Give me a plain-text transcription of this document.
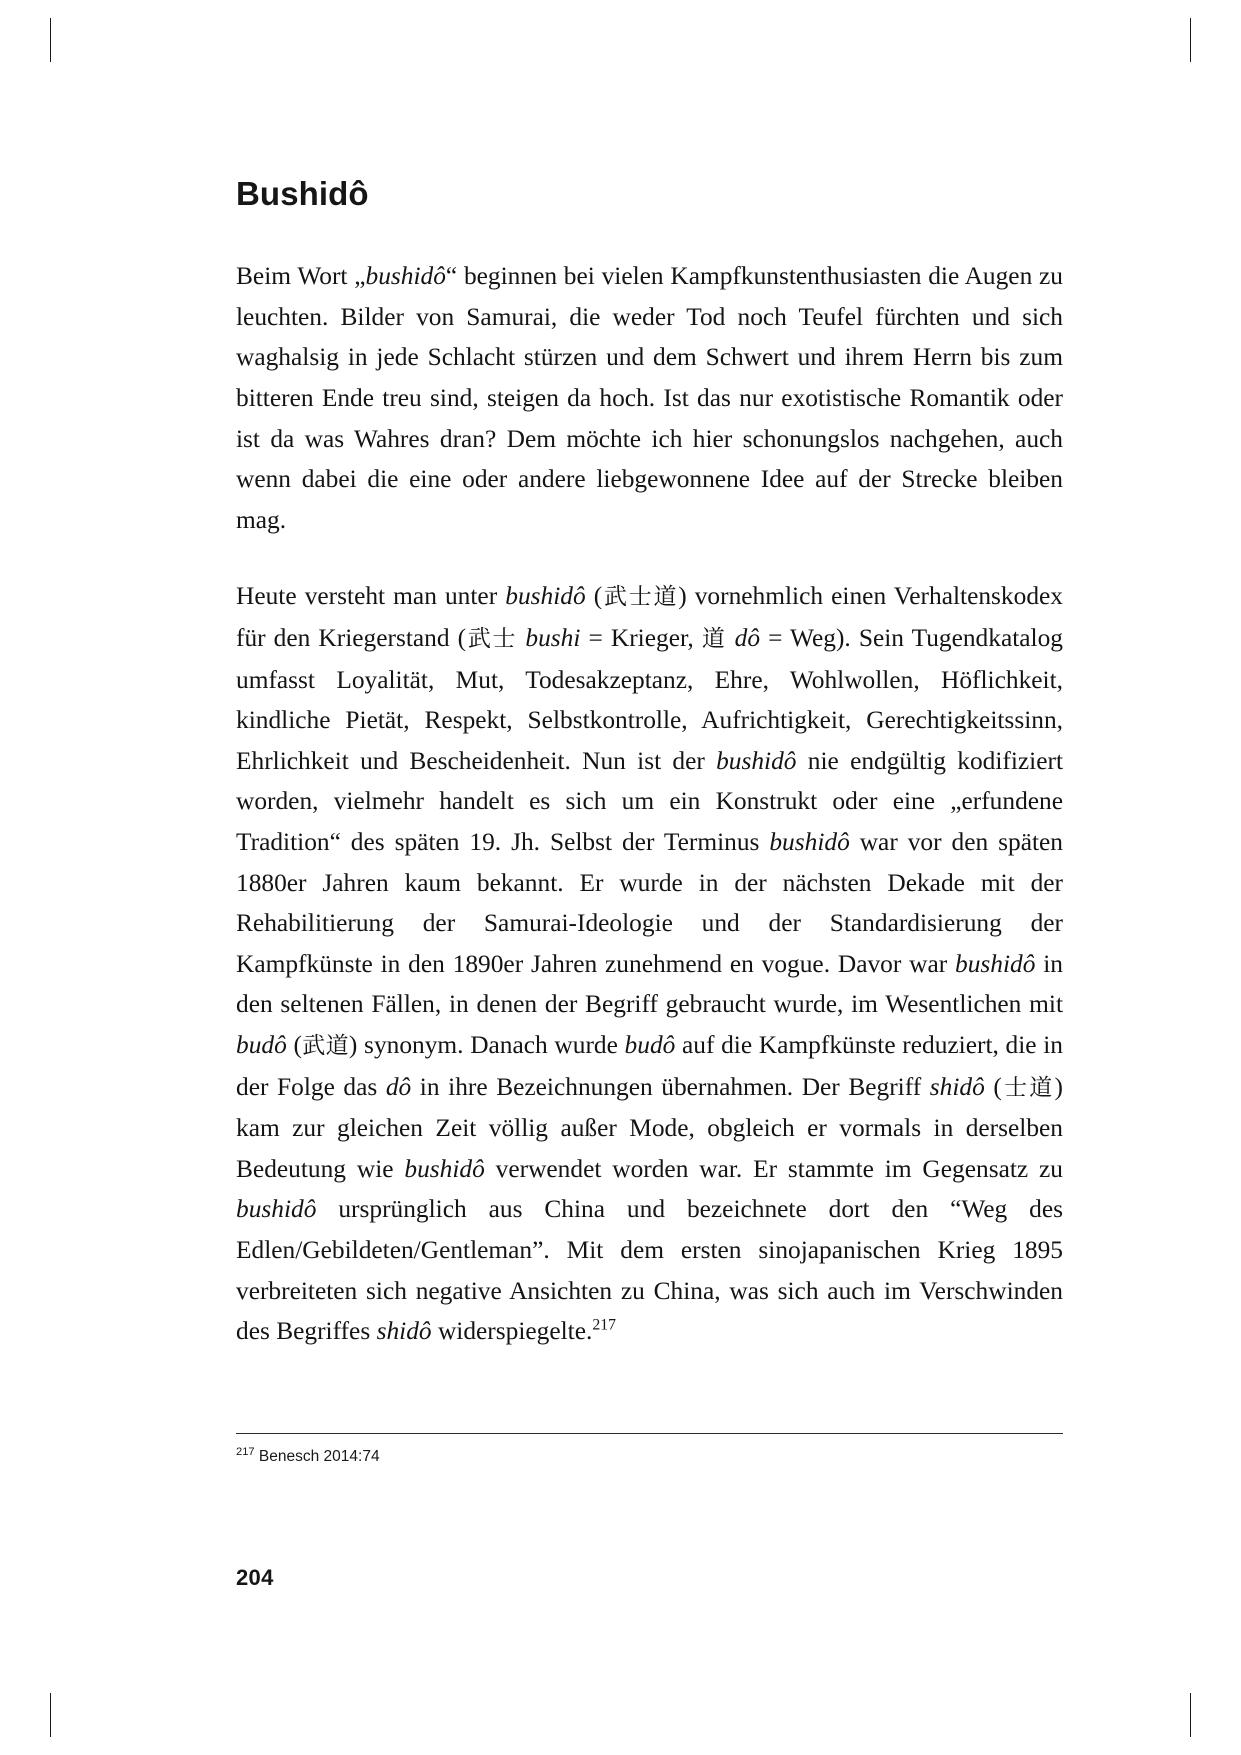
Bushidô

Beim Wort „bushidô“ beginnen bei vielen Kampfkunstenthusiasten die Augen zu leuchten. Bilder von Samurai, die weder Tod noch Teufel fürchten und sich waghalsig in jede Schlacht stürzen und dem Schwert und ihrem Herrn bis zum bitteren Ende treu sind, steigen da hoch. Ist das nur exotistische Romantik oder ist da was Wahres dran? Dem möchte ich hier schonungslos nachgehen, auch wenn dabei die eine oder andere liebgewonnene Idee auf der Strecke bleiben mag.

Heute versteht man unter bushidô (武士道) vornehmlich einen Verhaltenskodex für den Kriegerstand (武士 bushi = Krieger, 道 dô = Weg). Sein Tugendkatalog umfasst Loyalität, Mut, Todesakzeptanz, Ehre, Wohlwollen, Höflichkeit, kindliche Pietät, Respekt, Selbstkontrolle, Aufrichtigkeit, Gerechtigkeitssinn, Ehrlichkeit und Bescheidenheit. Nun ist der bushidô nie endgültig kodifiziert worden, vielmehr handelt es sich um ein Konstrukt oder eine „erfundene Tradition“ des späten 19. Jh. Selbst der Terminus bushidô war vor den späten 1880er Jahren kaum bekannt. Er wurde in der nächsten Dekade mit der Rehabilitierung der Samurai-Ideologie und der Standardisierung der Kampfkünste in den 1890er Jahren zunehmend en vogue. Davor war bushidô in den seltenen Fällen, in denen der Begriff gebraucht wurde, im Wesentlichen mit budô (武道) synonym. Danach wurde budô auf die Kampfkünste reduziert, die in der Folge das dô in ihre Bezeichnungen übernahmen. Der Begriff shidô (士道) kam zur gleichen Zeit völlig außer Mode, obgleich er vormals in derselben Bedeutung wie bushidô verwendet worden war. Er stammte im Gegensatz zu bushidô ursprünglich aus China und bezeichnete dort den “Weg des Edlen/Gebildeten/Gentleman”. Mit dem ersten sinojapanischen Krieg 1895 verbreiteten sich negative Ansichten zu China, was sich auch im Verschwinden des Begriffes shidô widerspiegelte.$^{217}$

$^{217}$ Benesch 2014:74

204
